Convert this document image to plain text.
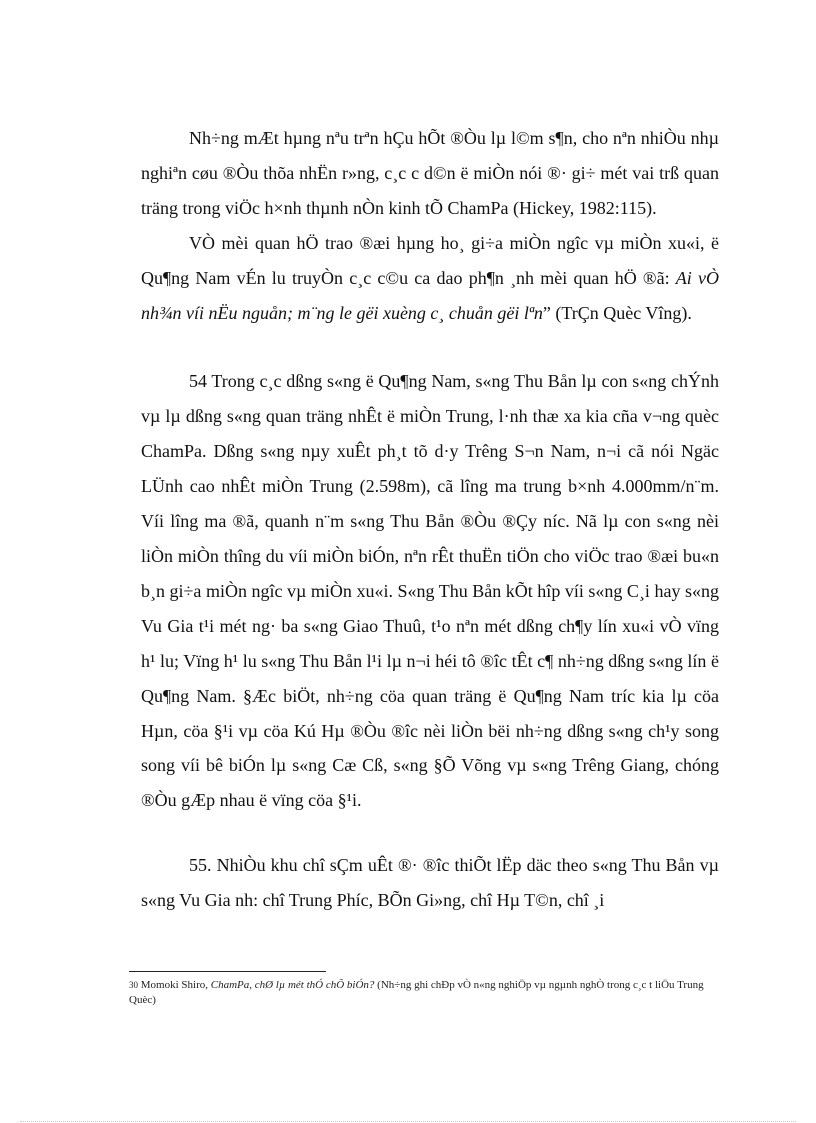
Nh÷ng mÆt hµng nªu trªn hÇu hÕt ®Òu lµ l©m s¶n, cho nªn nhiÒu nhµ nghiªn cøu ®Òu thõa nhËn r»ng, c¸c c d©n ë miÒn nói ®· gi÷ mét vai trß quan träng trong viÖc h×nh thµnh nÒn kinh tÕ ChamPa (Hickey, 1982:115).

VÒ mèi quan hÖ trao ®æi hµng ho¸ gi÷a miÒn ngîc vµ miÒn xu«i, ë Qu¶ng Nam vÉn lu truyÒn c¸c c©u ca dao ph¶n ¸nh mèi quan hÖ ®ã: Ai vÒ nh¾n víi nËu nguån; m¨ng le gëi xuèng c¸ chuån gëi lªn” (TrÇn Quèc Vîng).

54 Trong c¸c dßng s«ng ë Qu¶ng Nam, s«ng Thu Bån lµ con s«ng chÝnh vµ lµ dßng s«ng quan träng nhÊt ë miÒn Trung, l·nh thæ xa kia cña v¬ng quèc ChamPa. Dßng s«ng nµy xuÊt ph¸t tõ d·y Trêng S¬n Nam, n¬i cã nói Ngäc LÜnh cao nhÊt miÒn Trung (2.598m), cã lîng ma trung b×nh 4.000mm/n¨m. Víi lîng ma ®ã, quanh n¨m s«ng Thu Bån ®Òu ®Çy níc. Nã lµ con s«ng nèi liÒn miÒn thîng du víi miÒn biÓn, nªn rÊt thuËn tiÖn cho viÖc trao ®æi bu«n b¸n gi÷a miÒn ngîc vµ miÒn xu«i. S«ng Thu Bån kÕt hîp víi s«ng C¸i hay s«ng Vu Gia t¹i mét ng· ba s«ng Giao Thuû, t¹o nªn mét dßng ch¶y lín xu«i vÒ vïng h¹ lu; Vïng h¹ lu s«ng Thu Bån l¹i lµ n¬i héi tô ®îc tÊt c¶ nh÷ng dßng s«ng lín ë Qu¶ng Nam. §Æc biÖt, nh÷ng cöa quan träng ë Qu¶ng Nam tríc kia lµ cöa Hµn, cöa §¹i vµ cöa Kú Hµ ®Òu ®îc nèi liÒn bëi nh÷ng dßng s«ng ch¹y song song víi bê biÓn lµ s«ng Cæ Cß, s«ng §Õ Võng vµ s«ng Trêng Giang, chóng ®Òu gÆp nhau ë vïng cöa §¹i.

55. NhiÒu khu chî sÇm uÊt ®· ®îc thiÕt lËp däc theo s«ng Thu Bån vµ s«ng Vu Gia nh: chî Trung Phíc, BÕn Gi»ng, chî Hµ T©n, chî ¸i

30 Momoki Shiro, ChamPa, chØ lµ mét thÓ chÕ biÓn? (Nh÷ng ghi chÐp vÒ n«ng nghiÖp vµ ngµnh nghÒ trong c¸c t liÖu Trung Quèc)
